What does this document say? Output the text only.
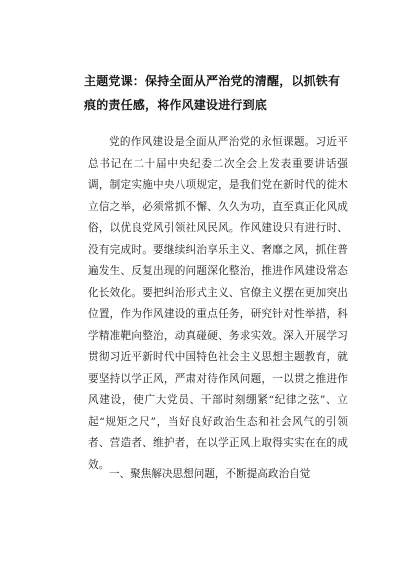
主题党课：保持全面从严治党的清醒，以抓铁有痕的责任感，将作风建设进行到底

党的作风建设是全面从严治党的永恒课题。习近平总书记在二十届中央纪委二次全会上发表重要讲话强调，制定实施中央八项规定，是我们党在新时代的徙木立信之举，必须常抓不懈、久久为功，直至真正化风成俗，以优良党风引领社风民风。作风建设只有进行时、没有完成时。要继续纠治享乐主义、奢靡之风，抓住普遍发生、反复出现的问题深化整治，推进作风建设常态化长效化。要把纠治形式主义、官僚主义摆在更加突出位置，作为作风建设的重点任务，研究针对性举措，科学精准靶向整治，动真碰硬、务求实效。深入开展学习贯彻习近平新时代中国特色社会主义思想主题教育，就要坚持以学正风，严肃对待作风问题，一以贯之推进作风建设，使广大党员、干部时刻绷紧“纪律之弦”、立起“规矩之尺”，当好良好政治生态和社会风气的引领者、营造者、维护者，在以学正风上取得实实在在的成效。

一、聚焦解决思想问题，不断提高政治自觉
